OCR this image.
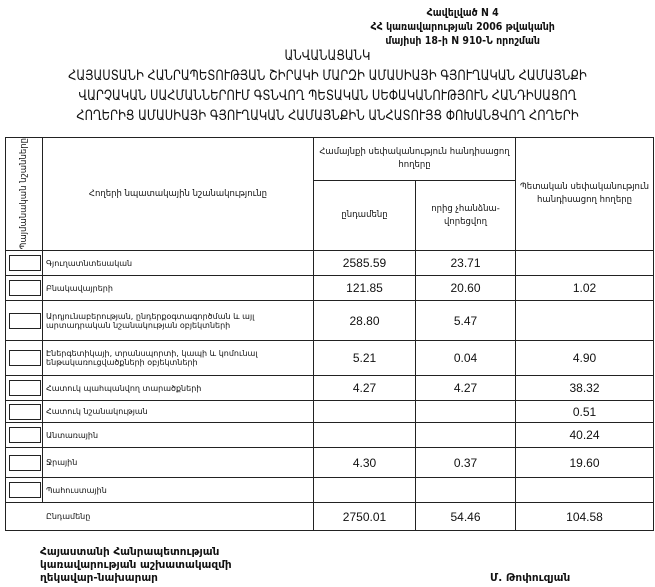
Հավելված N 4
ՀՀ կառավարության 2006 թվականի
մայիսի 18-ի N 910-Ն որոշման
ԱՆՎԱՆԱՑԱՆԿ
ՀԱՅԱՍՏԱՆԻ ՀԱՆՐԱՊԵՏՈՒԹՅԱՆ ՇԻՐԱԿԻ ՄԱՐԶԻ ԱՄԱՍԻԱՅԻ ԳՅՈՒՂԱԿԱՆ ՀԱՄԱՅՆՔԻ
ՎԱՐՉԱԿԱՆ ՍԱՀՄԱՆՆԵՐՈՒՄ ԳՏՆՎՈՂ ՊԵՏԱԿԱՆ ՍԵՓԱԿԱՆՈՒԹՅՈՒՆ ՀԱՆԴԻՍԱՑՈՂ
ՀՈՂԵՐԻՑ ԱՄԱՍԻԱՅԻ ԳՅՈՒՂԱԿԱՆ ՀԱՄԱՅՆՔԻՆ ԱՆՀԱՏՈՒՅՑ ՓՈԽԱՆՑՎՈՂ ՀՈՂԵՐԻ
Պայմանական նշանները	Հողերի նպատակային նշանակությունը	Համայնքի սեփականություն հանդիսացող հողերը		Պետական սեփականություն հանդիսացող հողերը
		ընդամենը	որից չհանձնա-վորեցվող	

	Գյուղատնտեսական	2585.59	23.71	

	Բնակավայրերի	121.85	20.60	1.02

	Արդյունաբերության, ընդերքօգտագործման և այլ արտադրական նշանակության օբյեկտների	28.80	5.47	

	Էներգետիկայի, տրանսպորտի, կապի և կոմունալ ենթակառուցվածքների օբյեկտների	5.21	0.04	4.90

	Հատուկ պահպանվող տարածքների	4.27	4.27	38.32

	Հատուկ նշանակության			0.51

	Անտառային			40.24

	Ջրային	4.30	0.37	19.60

	Պահուստային			
Ընդամենը		2750.01	54.46	104.58
Հայաստանի Հանրապետության
կառավարության աշխատակազմի
ղեկավար-նախարար	Մ. Թոփուզյան
